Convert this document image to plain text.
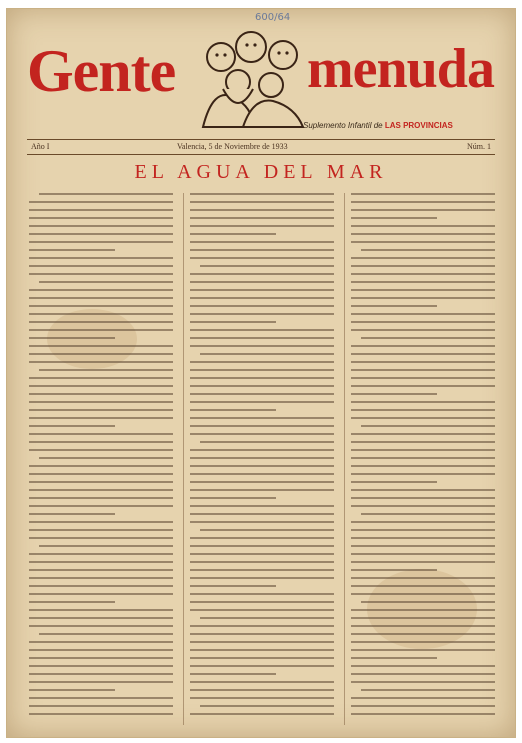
600/64
Gente menuda
Suplemento Infantil de LAS PROVINCIAS
Año I	Valencia, 5 de Noviembre de 1933	Núm. 1
EL AGUA DEL MAR
